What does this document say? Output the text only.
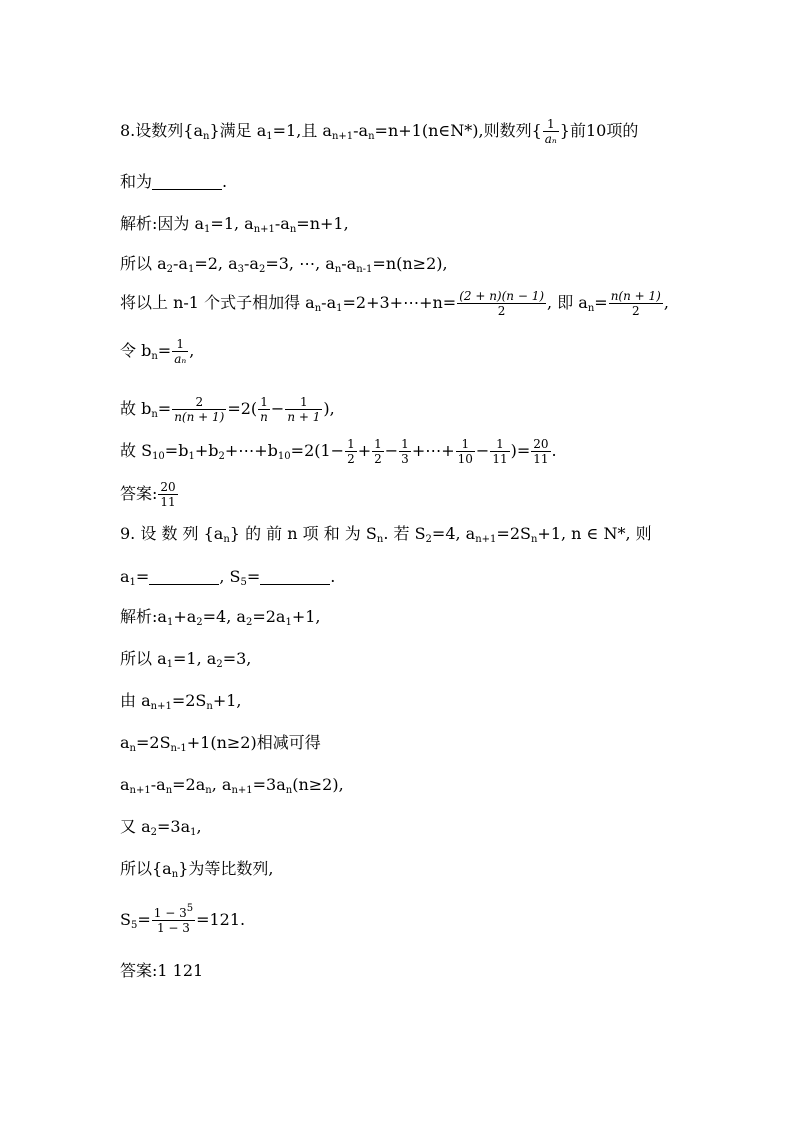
8.设数列$\{a_n\}$满足 $a_1=1$,且 $a_{n+1}-a_n=n+1(n\in N*)$,则数列{ $\frac{1}{\text{aₙ}}$ }前10项的
和为	.
解析:因为 $a_1=1$, $a_{n+1}-a_n=n+1$,
所以 $a_2-a_1=2$, $a_3-a_2=3$, ⋯, $a_n-a_{n-1}=n(n\ge 2)$,
将以上 n-1 个式子相加得 $a_n-a_1=2+3+\cdots+n= \frac{(2 + n)(n - 1)}{2}$ , 即 $a_n= \frac{n(n + 1)}{2}$ ,
令 $b_n= \frac{1}{\text{aₙ}}$ ,
故 $b_n= \frac{2}{n(n + 1)} =2( \frac{1}{n} - \frac{1}{n + 1}$ ),
故 $S_{10}=b_1+b_2+\cdots+b_{10}=2(1- \frac{1}{2} + \frac{1}{2} - \frac{1}{3}$ +⋯+ $\frac{1}{10} - \frac{1}{11}$ )= $\frac{20}{11}$ .
答案: $\frac{20}{11}$
9. 设 数 列 $\{a_n\}$ 的 前 n 项 和 为 $S_n$. 若 $S_2=4$, $a_{n+1}=2S_n+1$, n ∈ N*, 则
$a_1=$	, $S_5=$	.
解析$:a_1+a_2=4$, $a_2=2a_1+1$,
所以 $a_1=1$, $a_2=3$,
由 $a_{n+1}=2S_n+1$,
$a_n=2S_{n-1}+1(n\ge 2)$相减可得
$a_{n+1}-a_n=2a_n$, $a_{n+1}=3a_n(n\ge 2)$,
又 $a_2=3a_1$,
所以$\{a_n\}$为等比数列,
$S_5= \frac{1 - 3^5}{1 - 3} =121$.
答案:1 121
